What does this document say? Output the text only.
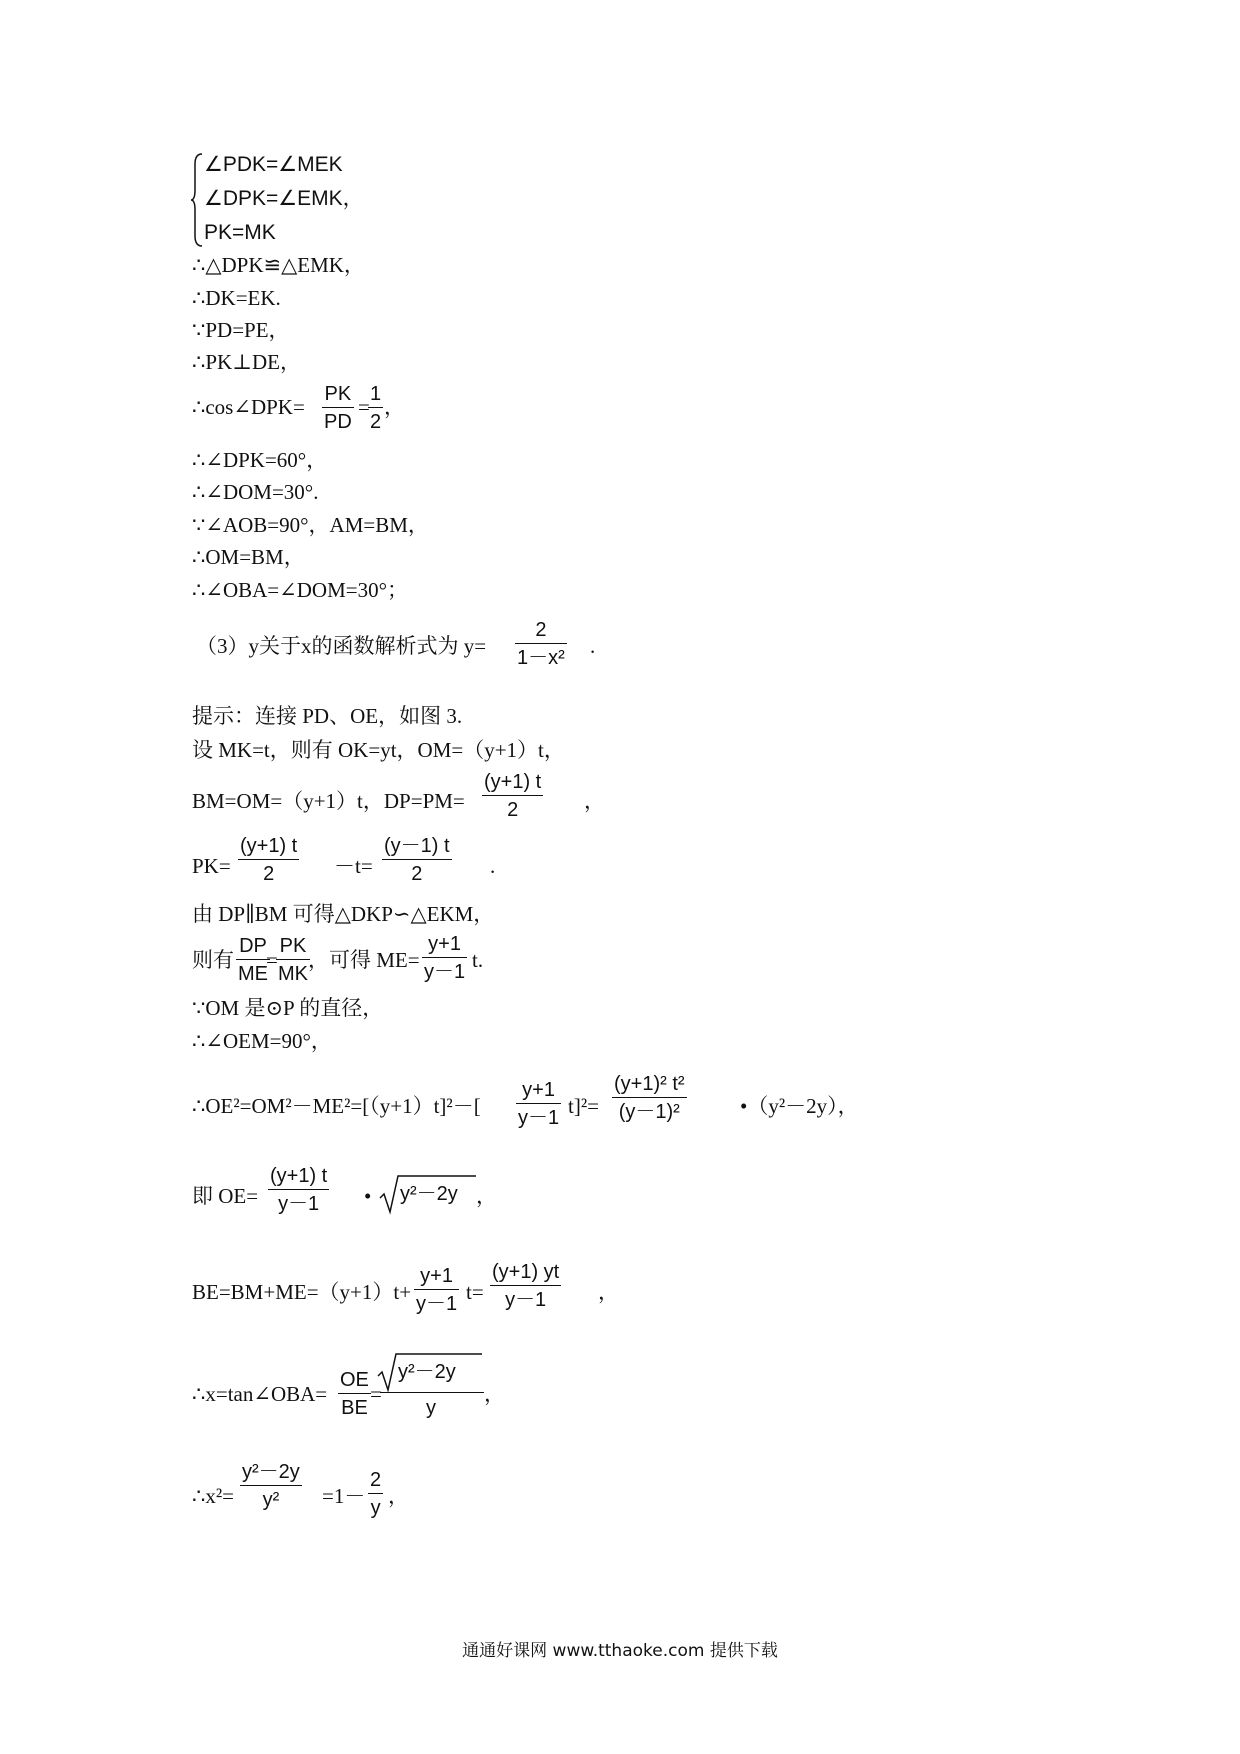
∠PDK=∠MEK
∠DPK=∠EMK，
PK=MK
∴△DPK≌△EMK，
∴DK=EK.
∵PD=PE，
∴PK⊥DE，
∴cos∠DPK=
PK
PD
=
1
2
，
∴∠DPK=60°，
∴∠DOM=30°.
∵∠AOB=90°，AM=BM，
∴OM=BM，
∴∠OBA=∠DOM=30°；
（3）y关于x的函数解析式为 y=
2
1－x² .
提示：连接 PD、OE，如图 3.
设 MK=t，则有 OK=yt，OM=（y+1）t，
BM=OM=（y+1）t，DP=PM=
(y+1) t
2	，
PK=
(y+1) t
2	－t=
(y－1) t
2	.
由 DP∥BM 可得△DKP∽△EKM，
则有
DP
ME
=
PK
MK
，可得 ME=
y+1
y－1 t.
∵OM 是⊙P 的直径，
∴∠OEM=90°，
∴OE²=OM²－ME²=[（y+1）t]²－[
y+1
y－1 t]²=
(y+1)² t²
(y－1)²	•（y²－2y），
即 OE=
(y+1) t
y－1 • y²－2y ，
BE=BM+ME=（y+1）t+
y+1
y－1 t=
(y+1) yt
y－1 ，
∴x=tan∠OBA=
OE
BE
=
y²－2y
y
，
∴x²=
y²－2y
y² =1－
2
y ，
通通好课网 www.tthaoke.com 提供下载
